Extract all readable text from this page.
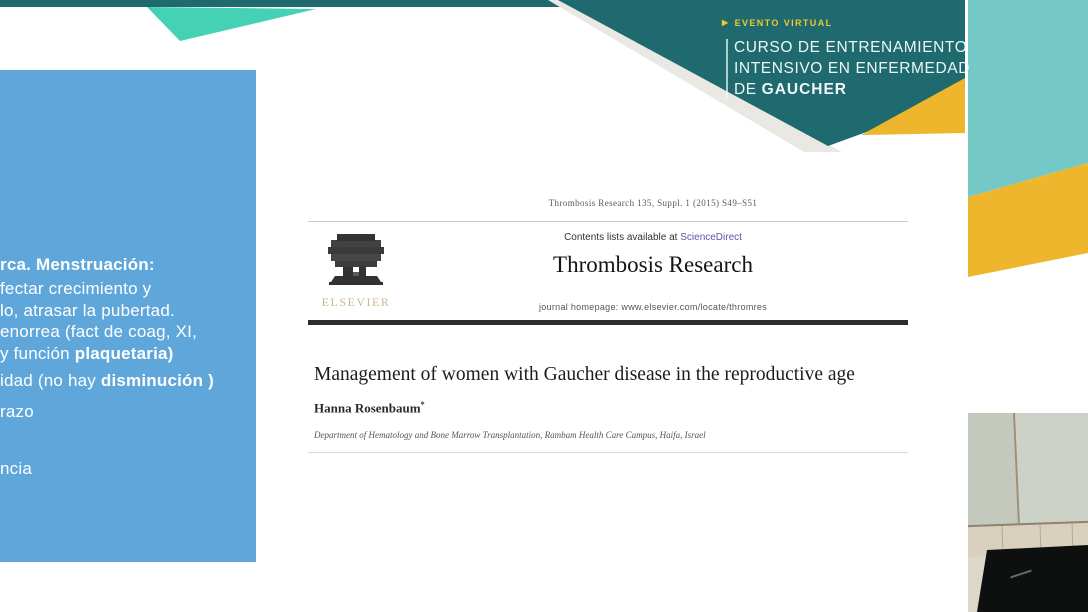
▶ EVENTO VIRTUAL
CURSO DE ENTRENAMIENTO
INTENSIVO EN ENFERMEDAD
DE GAUCHER
rca. Menstruación:
fectar crecimiento y
lo, atrasar la pubertad.
enorrea (fact de coag, XI,
y función plaquetaria)
idad (no hay disminución )
razo
ncia
Thrombosis Research 135, Suppl. 1 (2015) S49–S51
ELSEVIER
Contents lists available at ScienceDirect
Thrombosis Research
journal homepage: www.elsevier.com/locate/thromres
Management of women with Gaucher disease in the reproductive age
Hanna Rosenbaum*
Department of Hematology and Bone Marrow Transplantation, Rambam Health Care Campus, Haifa, Israel
